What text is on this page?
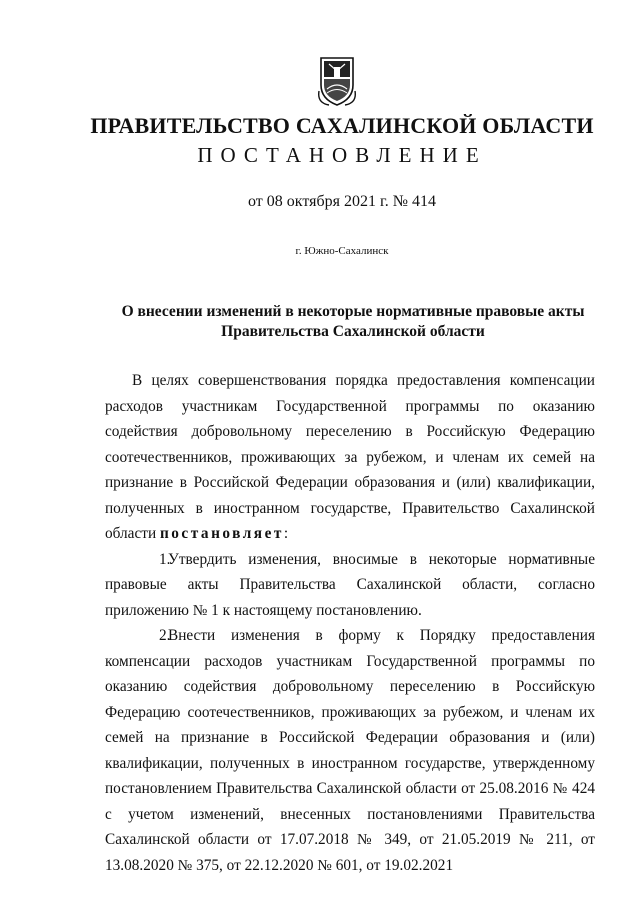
ПРАВИТЕЛЬСТВО САХАЛИНСКОЙ ОБЛАСТИ
ПОСТАНОВЛЕНИЕ
от 08 октября 2021 г. № 414
г. Южно-Сахалинск
О внесении изменений в некоторые нормативные правовые акты
Правительства Сахалинской области

В целях совершенствования порядка предоставления компенсации расходов участникам Государственной программы по оказанию содействия добровольному переселению в Российскую Федерацию соотечественников, проживающих за рубежом, и членам их семей на признание в Российской Федерации образования и (или) квалификации, полученных в иностранном государстве, Правительство Сахалинской области постановляет:

1.Утвердить изменения, вносимые в некоторые нормативные правовые акты Правительства Сахалинской области, согласно приложению № 1 к настоящему постановлению.

2.Внести изменения в форму к Порядку предоставления компенсации расходов участникам Государственной программы по оказанию содействия добровольному переселению в Российскую Федерацию соотечественников, проживающих за рубежом, и членам их семей на признание в Российской Федерации образования и (или) квалификации, полученных в иностранном государстве, утвержденному постановлением Правительства Сахалинской области от 25.08.2016 № 424 с учетом изменений, внесенных постановлениями Правительства Сахалинской области от 17.07.2018 № 349, от 21.05.2019 № 211, от 13.08.2020 № 375, от 22.12.2020 № 601, от 19.02.2021
